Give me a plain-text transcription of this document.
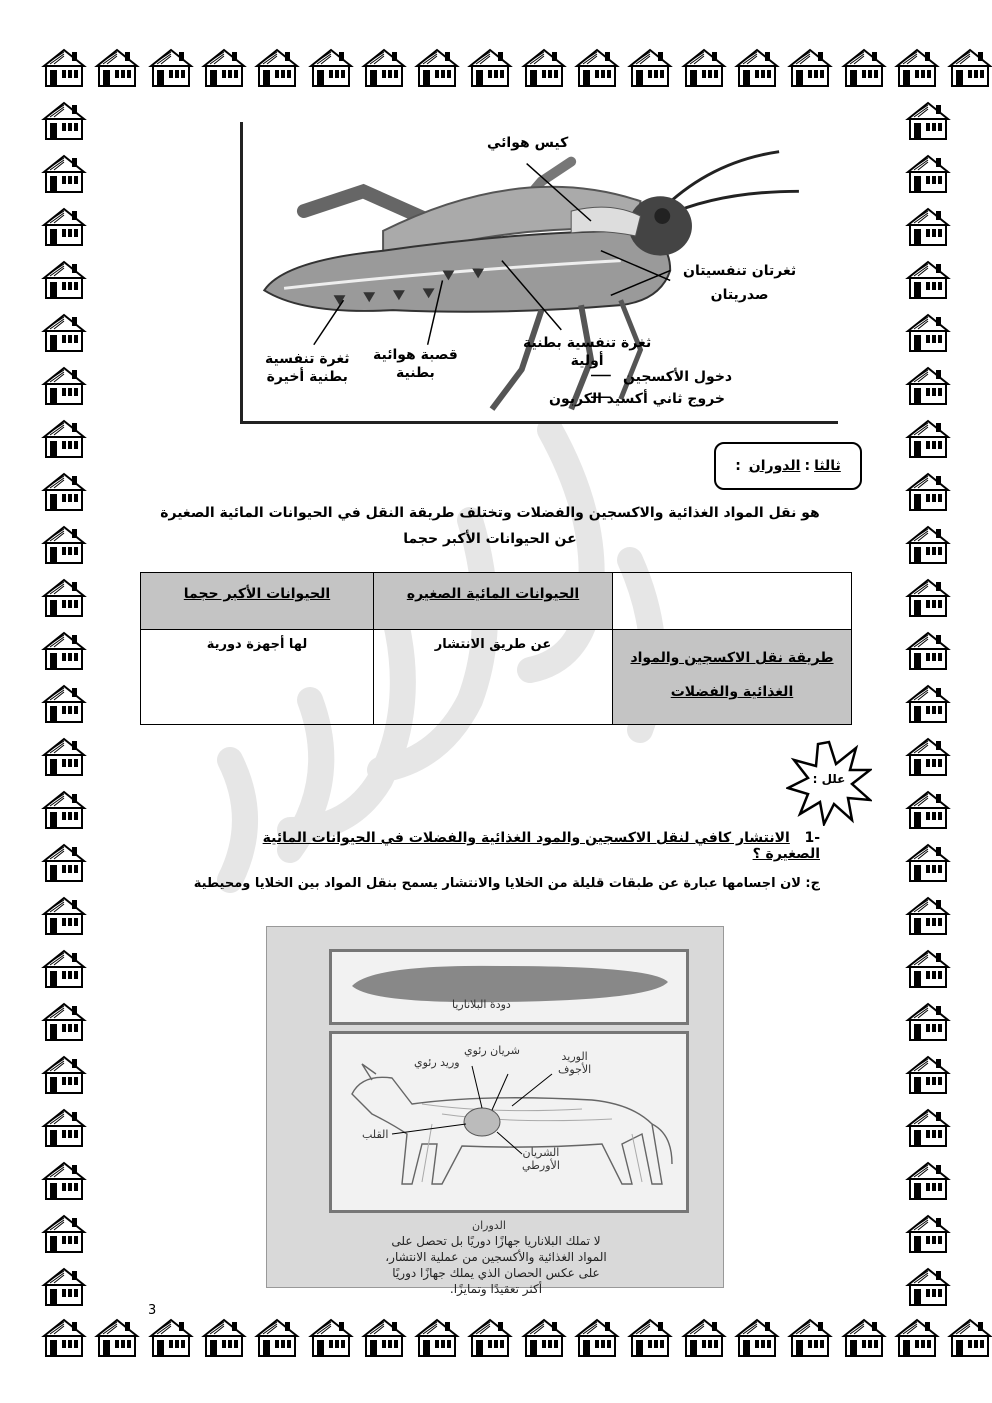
كيس هوائي
ثغرتان تنفسيتان
صدريتان
ثغرة تنفسية بطنية
أولية
قصبة هوائية
بطنية
ثغرة تنفسية
بطنية أخيرة	دخول الأكسجين
خروج ثاني أكسيد الكربون
ثالثا
:
الدوران
:
هو نقل المواد الغذائية والاكسجين والفضلات وتختلف طريقة النقل في الحيوانات المائية الصغيرة عن الحيوانات الأكبر حجما

	الحيوانات المائية الصغيره	الحيوانات الأكبر حجما

طريقة نقل الاكسجين والمواد
الغذائية والفضلات	عن طريق الانتشار	لها أجهزة دورية
علل :
-1   الانتشار كافي لنقل الاكسجين والمود الغذائية والفضلات في الحيوانات المائية الصغيرة ؟
ج: لان اجسامها عبارة عن طبقات قليلة من الخلايا والانتشار يسمح بنقل المواد بين الخلايا ومحيطية
دودة البلاناريا
شريان رئوي
وريد رئوي	الوريد
الأجوف
القلب
الشريان
الأورطي
الدوران
لا تملك البلاناريا جهازًا دوريًا بل تحصل على
المواد الغذائية والأكسجين من عملية الانتشار،
على عكس الحصان الذي يملك جهازًا دوريًا
أكثر تعقيدًا وتمايزًا.
3
